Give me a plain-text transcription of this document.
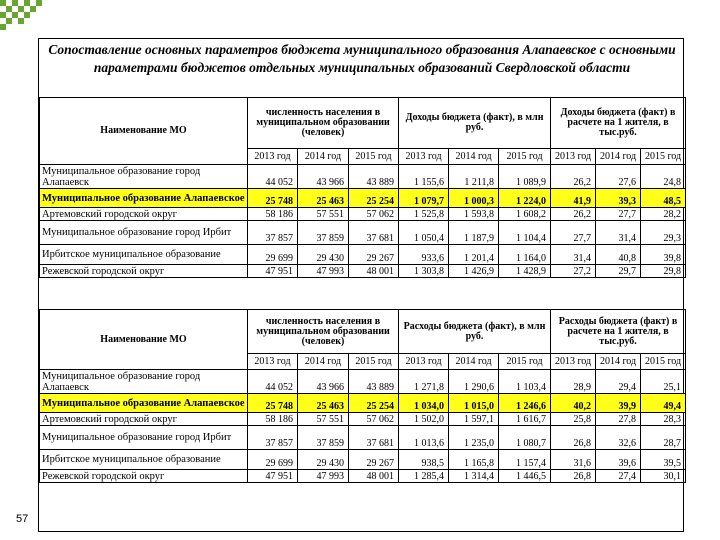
Сопоставление основных параметров бюджета муниципального образования Алапаевское с основными параметрами бюджетов отдельных муниципальных образований Свердловской области
Наименование МО	численность населения в муниципальном образовании (человек)			Доходы бюджета (факт), в млн руб.			Доходы бюджета (факт) в расчете на 1 жителя, в тыс.руб.		
	2013 год	2014 год	2015 год	2013 год	2014 год	2015 год	2013 год	2014 год	2015 год
Муниципальное образование город Алапаевск	44 052	43 966	43 889	1 155,6	1 211,8	1 089,9	26,2	27,6	24,8
Муниципальное образование Алапаевское	25 748	25 463	25 254	1 079,7	1 000,3	1 224,0	41,9	39,3	48,5
Артемовский городской округ	58 186	57 551	57 062	1 525,8	1 593,8	1 608,2	26,2	27,7	28,2
Муниципальное образование город Ирбит	37 857	37 859	37 681	1 050,4	1 187,9	1 104,4	27,7	31,4	29,3
Ирбитское муниципальное образование	29 699	29 430	29 267	933,6	1 201,4	1 164,0	31,4	40,8	39,8
Режевской городской округ	47 951	47 993	48 001	1 303,8	1 426,9	1 428,9	27,2	29,7	29,8
Наименование МО	численность населения в муниципальном образовании (человек)			Расходы бюджета (факт), в млн руб.			Расходы бюджета (факт) в расчете на 1 жителя, в тыс.руб.		
	2013 год	2014 год	2015 год	2013 год	2014 год	2015 год	2013 год	2014 год	2015 год
Муниципальное образование город Алапаевск	44 052	43 966	43 889	1 271,8	1 290,6	1 103,4	28,9	29,4	25,1
Муниципальное образование Алапаевское	25 748	25 463	25 254	1 034,0	1 015,0	1 246,6	40,2	39,9	49,4
Артемовский городской округ	58 186	57 551	57 062	1 502,0	1 597,1	1 616,7	25,8	27,8	28,3
Муниципальное образование город Ирбит	37 857	37 859	37 681	1 013,6	1 235,0	1 080,7	26,8	32,6	28,7
Ирбитское муниципальное образование	29 699	29 430	29 267	938,5	1 165,8	1 157,4	31,6	39,6	39,5
Режевской городской округ	47 951	47 993	48 001	1 285,4	1 314,4	1 446,5	26,8	27,4	30,1
57
